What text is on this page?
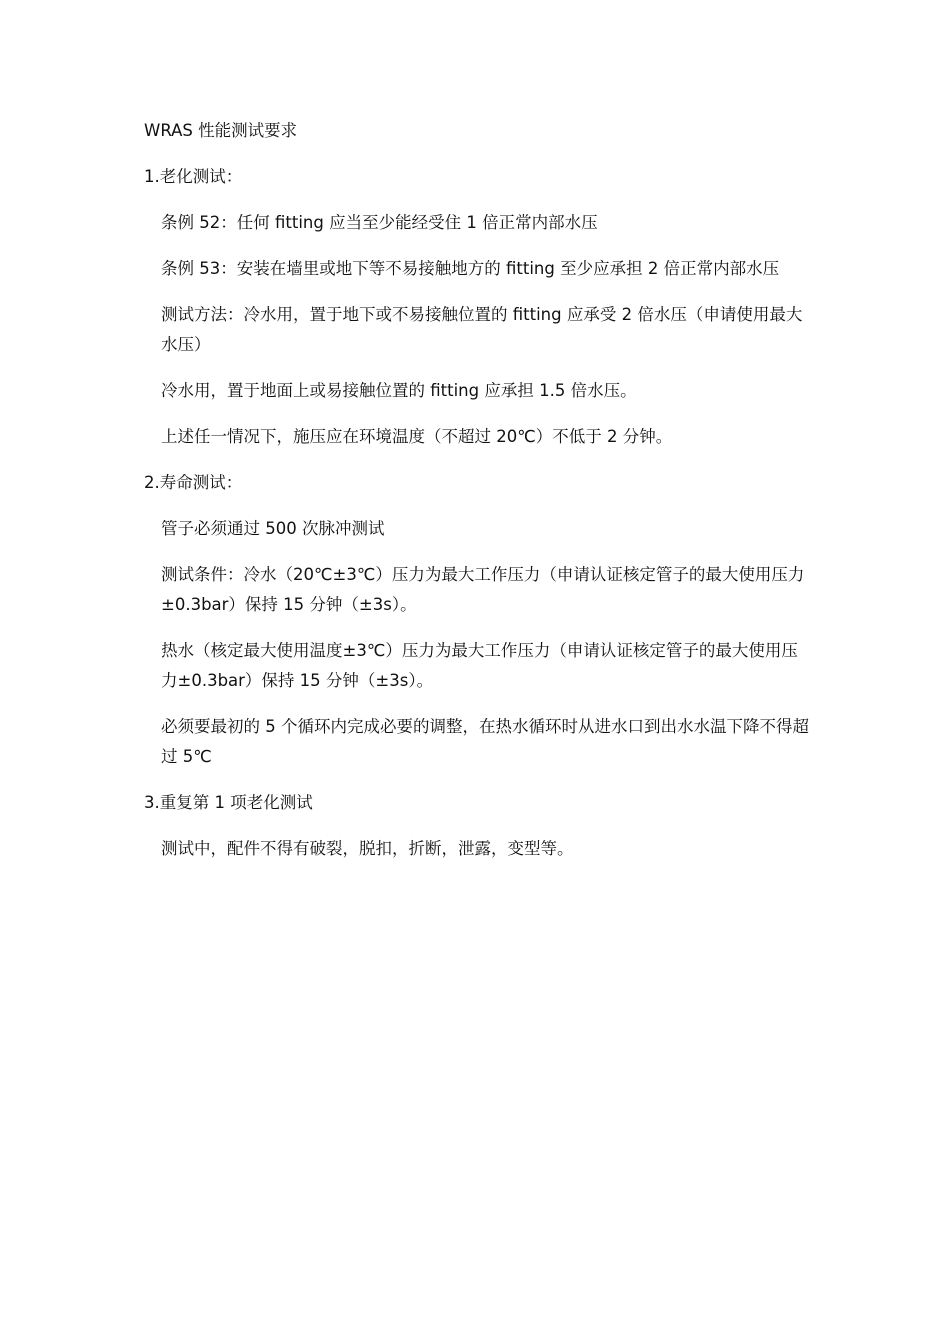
WRAS 性能测试要求

1.老化测试：

条例 52：任何 fitting 应当至少能经受住 1 倍正常内部水压

条例 53：安装在墙里或地下等不易接触地方的 fitting 至少应承担 2 倍正常内部水压

测试方法：冷水用，置于地下或不易接触位置的 fitting 应承受 2 倍水压（申请使用最大水压）

冷水用，置于地面上或易接触位置的 fitting 应承担 1.5 倍水压。

上述任一情况下，施压应在环境温度（不超过 20℃）不低于 2 分钟。

2.寿命测试：

管子必须通过 500 次脉冲测试

测试条件：冷水（20℃±3℃）压力为最大工作压力（申请认证核定管子的最大使用压力±0.3bar）保持 15 分钟（±3s）。

热水（核定最大使用温度±3℃）压力为最大工作压力（申请认证核定管子的最大使用压力±0.3bar）保持 15 分钟（±3s）。

必须要最初的 5 个循环内完成必要的调整，在热水循环时从进水口到出水水温下降不得超过 5℃

3.重复第 1 项老化测试

测试中，配件不得有破裂，脱扣，折断，泄露，变型等。
